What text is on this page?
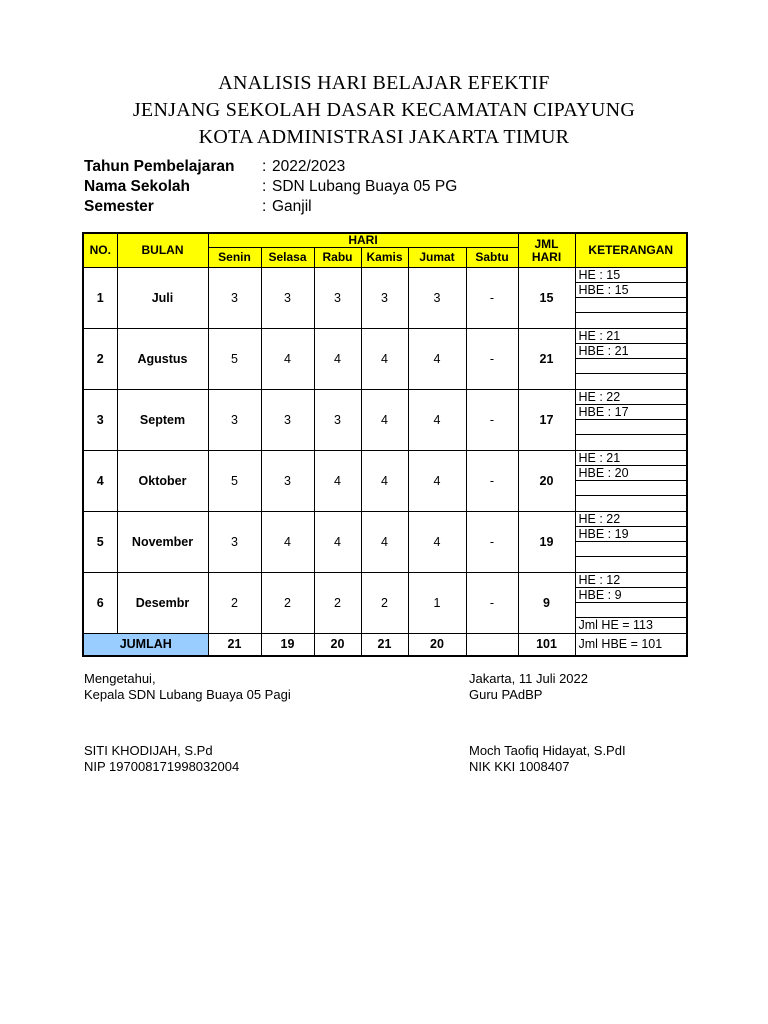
ANALISIS HARI BELAJAR EFEKTIF
JENJANG SEKOLAH DASAR KECAMATAN CIPAYUNG
KOTA ADMINISTRASI JAKARTA TIMUR
Tahun Pembelajaran	: 2022/2023
Nama Sekolah	: SDN Lubang Buaya 05 PG
Semester	: Ganjil
NO.	BULAN	HARI						JML
HARI	KETERANGAN
		Senin	Selasa	Rabu	Kamis	Jumat	Sabtu		
1	Juli	3	3	3	3	3	-	15	HE : 15
HBE : 15

2	Agustus	5	4	4	4	4	-	21	HE : 21
HBE : 21

3	Septem	3	3	3	4	4	-	17	HE : 22
HBE : 17

4	Oktober	5	3	4	4	4	-	20	HE : 21
HBE : 20

5	November	3	4	4	4	4	-	19	HE : 22
HBE : 19

6	Desembr	2	2	2	2	1	-	9	HE : 12
HBE : 9
Jml HE = 113

JUMLAH		21	19	20	21	20		101	Jml HBE = 101
Mengetahui,
Kepala SDN Lubang Buaya 05 Pagi
SITI KHODIJAH, S.Pd
NIP 197008171998032004
Jakarta, 11 Juli 2022
Guru PAdBP
Moch Taofiq Hidayat, S.PdI
NIK KKI 1008407
